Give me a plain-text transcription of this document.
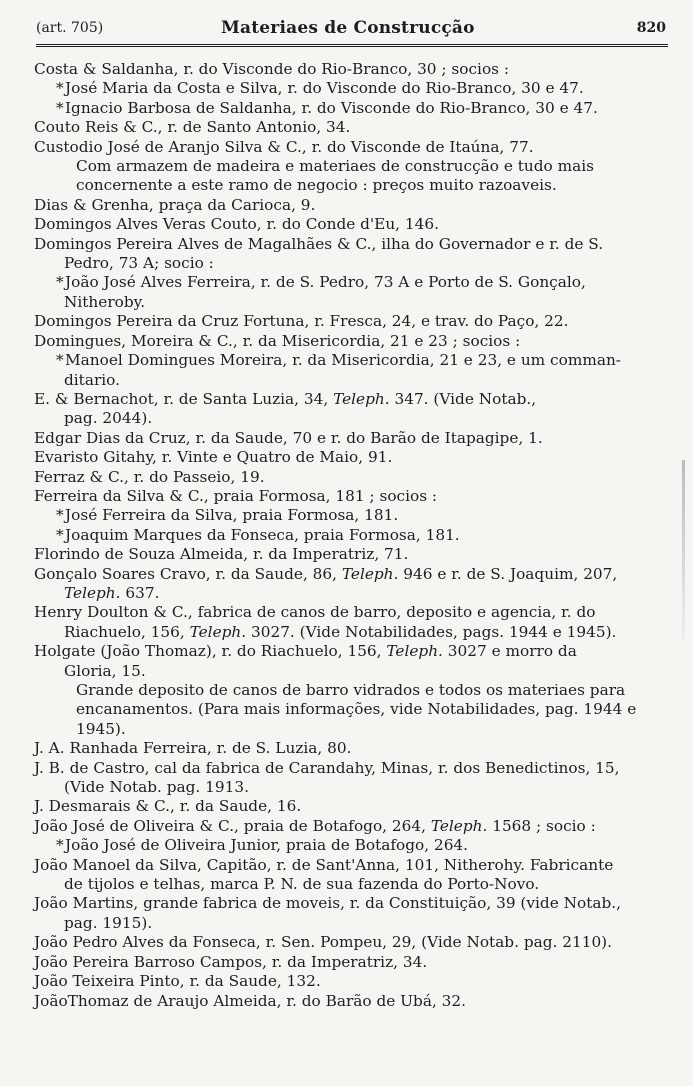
(art. 705)	Materiaes de Construcção	820
Costa & Saldanha, r. do Visconde do Rio-Branco, 30 ; socios :
*José Maria da Costa e Silva, r. do Visconde do Rio-Branco, 30 e 47.
*Ignacio Barbosa de Saldanha, r. do Visconde do Rio-Branco, 30 e 47.
Couto Reis & C., r. de Santo Antonio, 34.
Custodio José de Aranjo Silva & C., r. do Visconde de Itaúna, 77.
Com armazem de madeira e materiaes de construcção e tudo mais
concernente a este ramo de negocio : preços muito razoaveis.
Dias & Grenha, praça da Carioca, 9.
Domingos Alves Veras Couto, r. do Conde d'Eu, 146.
Domingos Pereira Alves de Magalhães & C., ilha do Governador e r. de S.
Pedro, 73 A; socio :
*João José Alves Ferreira, r. de S. Pedro, 73 A e Porto de S. Gonçalo,
Nitheroby.
Domingos Pereira da Cruz Fortuna, r. Fresca, 24, e trav. do Paço, 22.
Domingues, Moreira & C., r. da Misericordia, 21 e 23 ; socios :
*Manoel Domingues Moreira, r. da Misericordia, 21 e 23, e um comman-
ditario.
E. & Bernachot, r. de Santa Luzia, 34, Teleph. 347. (Vide Notab.,
pag. 2044).
Edgar Dias da Cruz, r. da Saude, 70 e r. do Barão de Itapagipe, 1.
Evaristo Gitahy, r. Vinte e Quatro de Maio, 91.
Ferraz & C., r. do Passeio, 19.
Ferreira da Silva & C., praia Formosa, 181 ; socios :
*José Ferreira da Silva, praia Formosa, 181.
*Joaquim Marques da Fonseca, praia Formosa, 181.
Florindo de Souza Almeida, r. da Imperatriz, 71.
Gonçalo Soares Cravo, r. da Saude, 86, Teleph. 946 e r. de S. Joaquim, 207,
Teleph. 637.
Henry Doulton & C., fabrica de canos de barro, deposito e agencia, r. do
Riachuelo, 156, Teleph. 3027. (Vide Notabilidades, pags. 1944 e 1945).
Holgate (João Thomaz), r. do Riachuelo, 156, Teleph. 3027 e morro da
Gloria, 15.
Grande deposito de canos de barro vidrados e todos os materiaes para
encanamentos. (Para mais informações, vide Notabilidades, pag. 1944 e
1945).
J. A. Ranhada Ferreira, r. de S. Luzia, 80.
J. B. de Castro, cal da fabrica de Carandahy, Minas, r. dos Benedictinos, 15,
(Vide Notab. pag. 1913.
J. Desmarais & C., r. da Saude, 16.
João José de Oliveira & C., praia de Botafogo, 264, Teleph. 1568 ; socio :
*João José de Oliveira Junior, praia de Botafogo, 264.
João Manoel da Silva, Capitão, r. de Sant'Anna, 101, Nitherohy. Fabricante
de tijolos e telhas, marca P. N. de sua fazenda do Porto-Novo.
João Martins, grande fabrica de moveis, r. da Constituição, 39 (vide Notab.,
pag. 1915).
João Pedro Alves da Fonseca, r. Sen. Pompeu, 29, (Vide Notab. pag. 2110).
João Pereira Barroso Campos, r. da Imperatriz, 34.
João Teixeira Pinto, r. da Saude, 132.
JoãoThomaz de Araujo Almeida, r. do Barão de Ubá, 32.
